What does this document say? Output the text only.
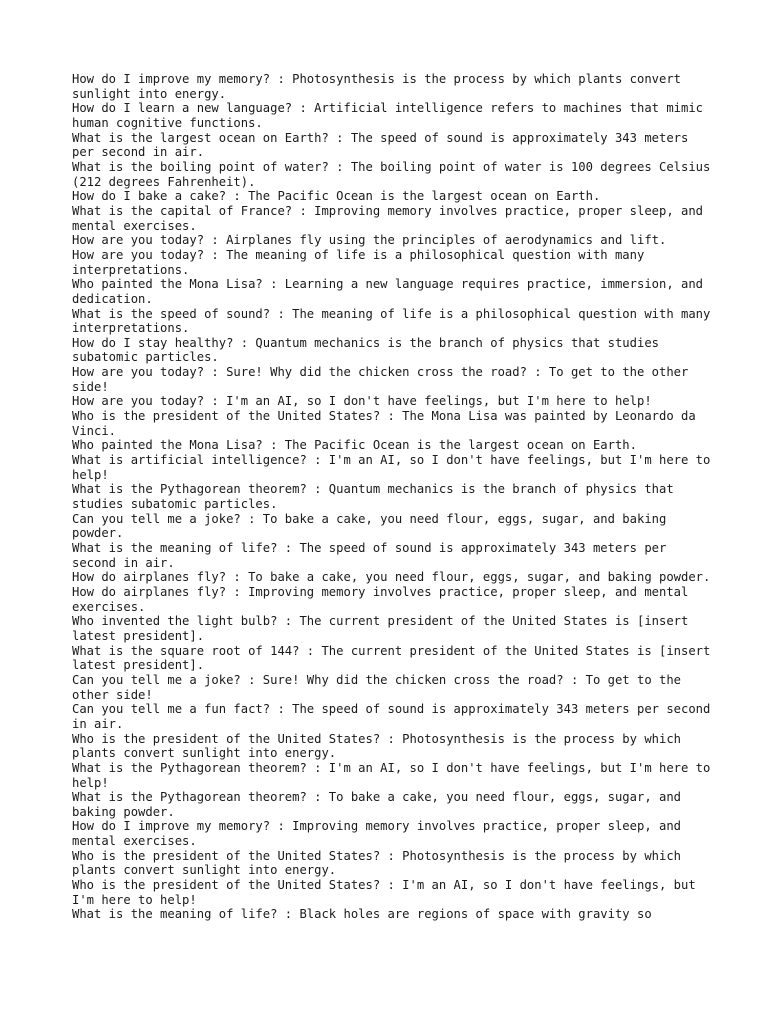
How do I improve my memory? : Photosynthesis is the process by which plants convert sunlight into energy.

How do I learn a new language? : Artificial intelligence refers to machines that mimic human cognitive functions.

What is the largest ocean on Earth? : The speed of sound is approximately 343 meters per second in air.

What is the boiling point of water? : The boiling point of water is 100 degrees Celsius (212 degrees Fahrenheit).

How do I bake a cake? : The Pacific Ocean is the largest ocean on Earth.

What is the capital of France? : Improving memory involves practice, proper sleep, and mental exercises.

How are you today? : Airplanes fly using the principles of aerodynamics and lift.

How are you today? : The meaning of life is a philosophical question with many interpretations.

Who painted the Mona Lisa? : Learning a new language requires practice, immersion, and dedication.

What is the speed of sound? : The meaning of life is a philosophical question with many interpretations.

How do I stay healthy? : Quantum mechanics is the branch of physics that studies subatomic particles.

How are you today? : Sure! Why did the chicken cross the road? : To get to the other side!

How are you today? : I'm an AI, so I don't have feelings, but I'm here to help!

Who is the president of the United States? : The Mona Lisa was painted by Leonardo da Vinci.

Who painted the Mona Lisa? : The Pacific Ocean is the largest ocean on Earth.

What is artificial intelligence? : I'm an AI, so I don't have feelings, but I'm here to help!

What is the Pythagorean theorem? : Quantum mechanics is the branch of physics that studies subatomic particles.

Can you tell me a joke? : To bake a cake, you need flour, eggs, sugar, and baking powder.

What is the meaning of life? : The speed of sound is approximately 343 meters per second in air.

How do airplanes fly? : To bake a cake, you need flour, eggs, sugar, and baking powder.

How do airplanes fly? : Improving memory involves practice, proper sleep, and mental exercises.

Who invented the light bulb? : The current president of the United States is [insert latest president].

What is the square root of 144? : The current president of the United States is [insert latest president].

Can you tell me a joke? : Sure! Why did the chicken cross the road? : To get to the other side!

Can you tell me a fun fact? : The speed of sound is approximately 343 meters per second in air.

Who is the president of the United States? : Photosynthesis is the process by which plants convert sunlight into energy.

What is the Pythagorean theorem? : I'm an AI, so I don't have feelings, but I'm here to help!

What is the Pythagorean theorem? : To bake a cake, you need flour, eggs, sugar, and baking powder.

How do I improve my memory? : Improving memory involves practice, proper sleep, and mental exercises.

Who is the president of the United States? : Photosynthesis is the process by which plants convert sunlight into energy.

Who is the president of the United States? : I'm an AI, so I don't have feelings, but I'm here to help!

What is the meaning of life? : Black holes are regions of space with gravity so
